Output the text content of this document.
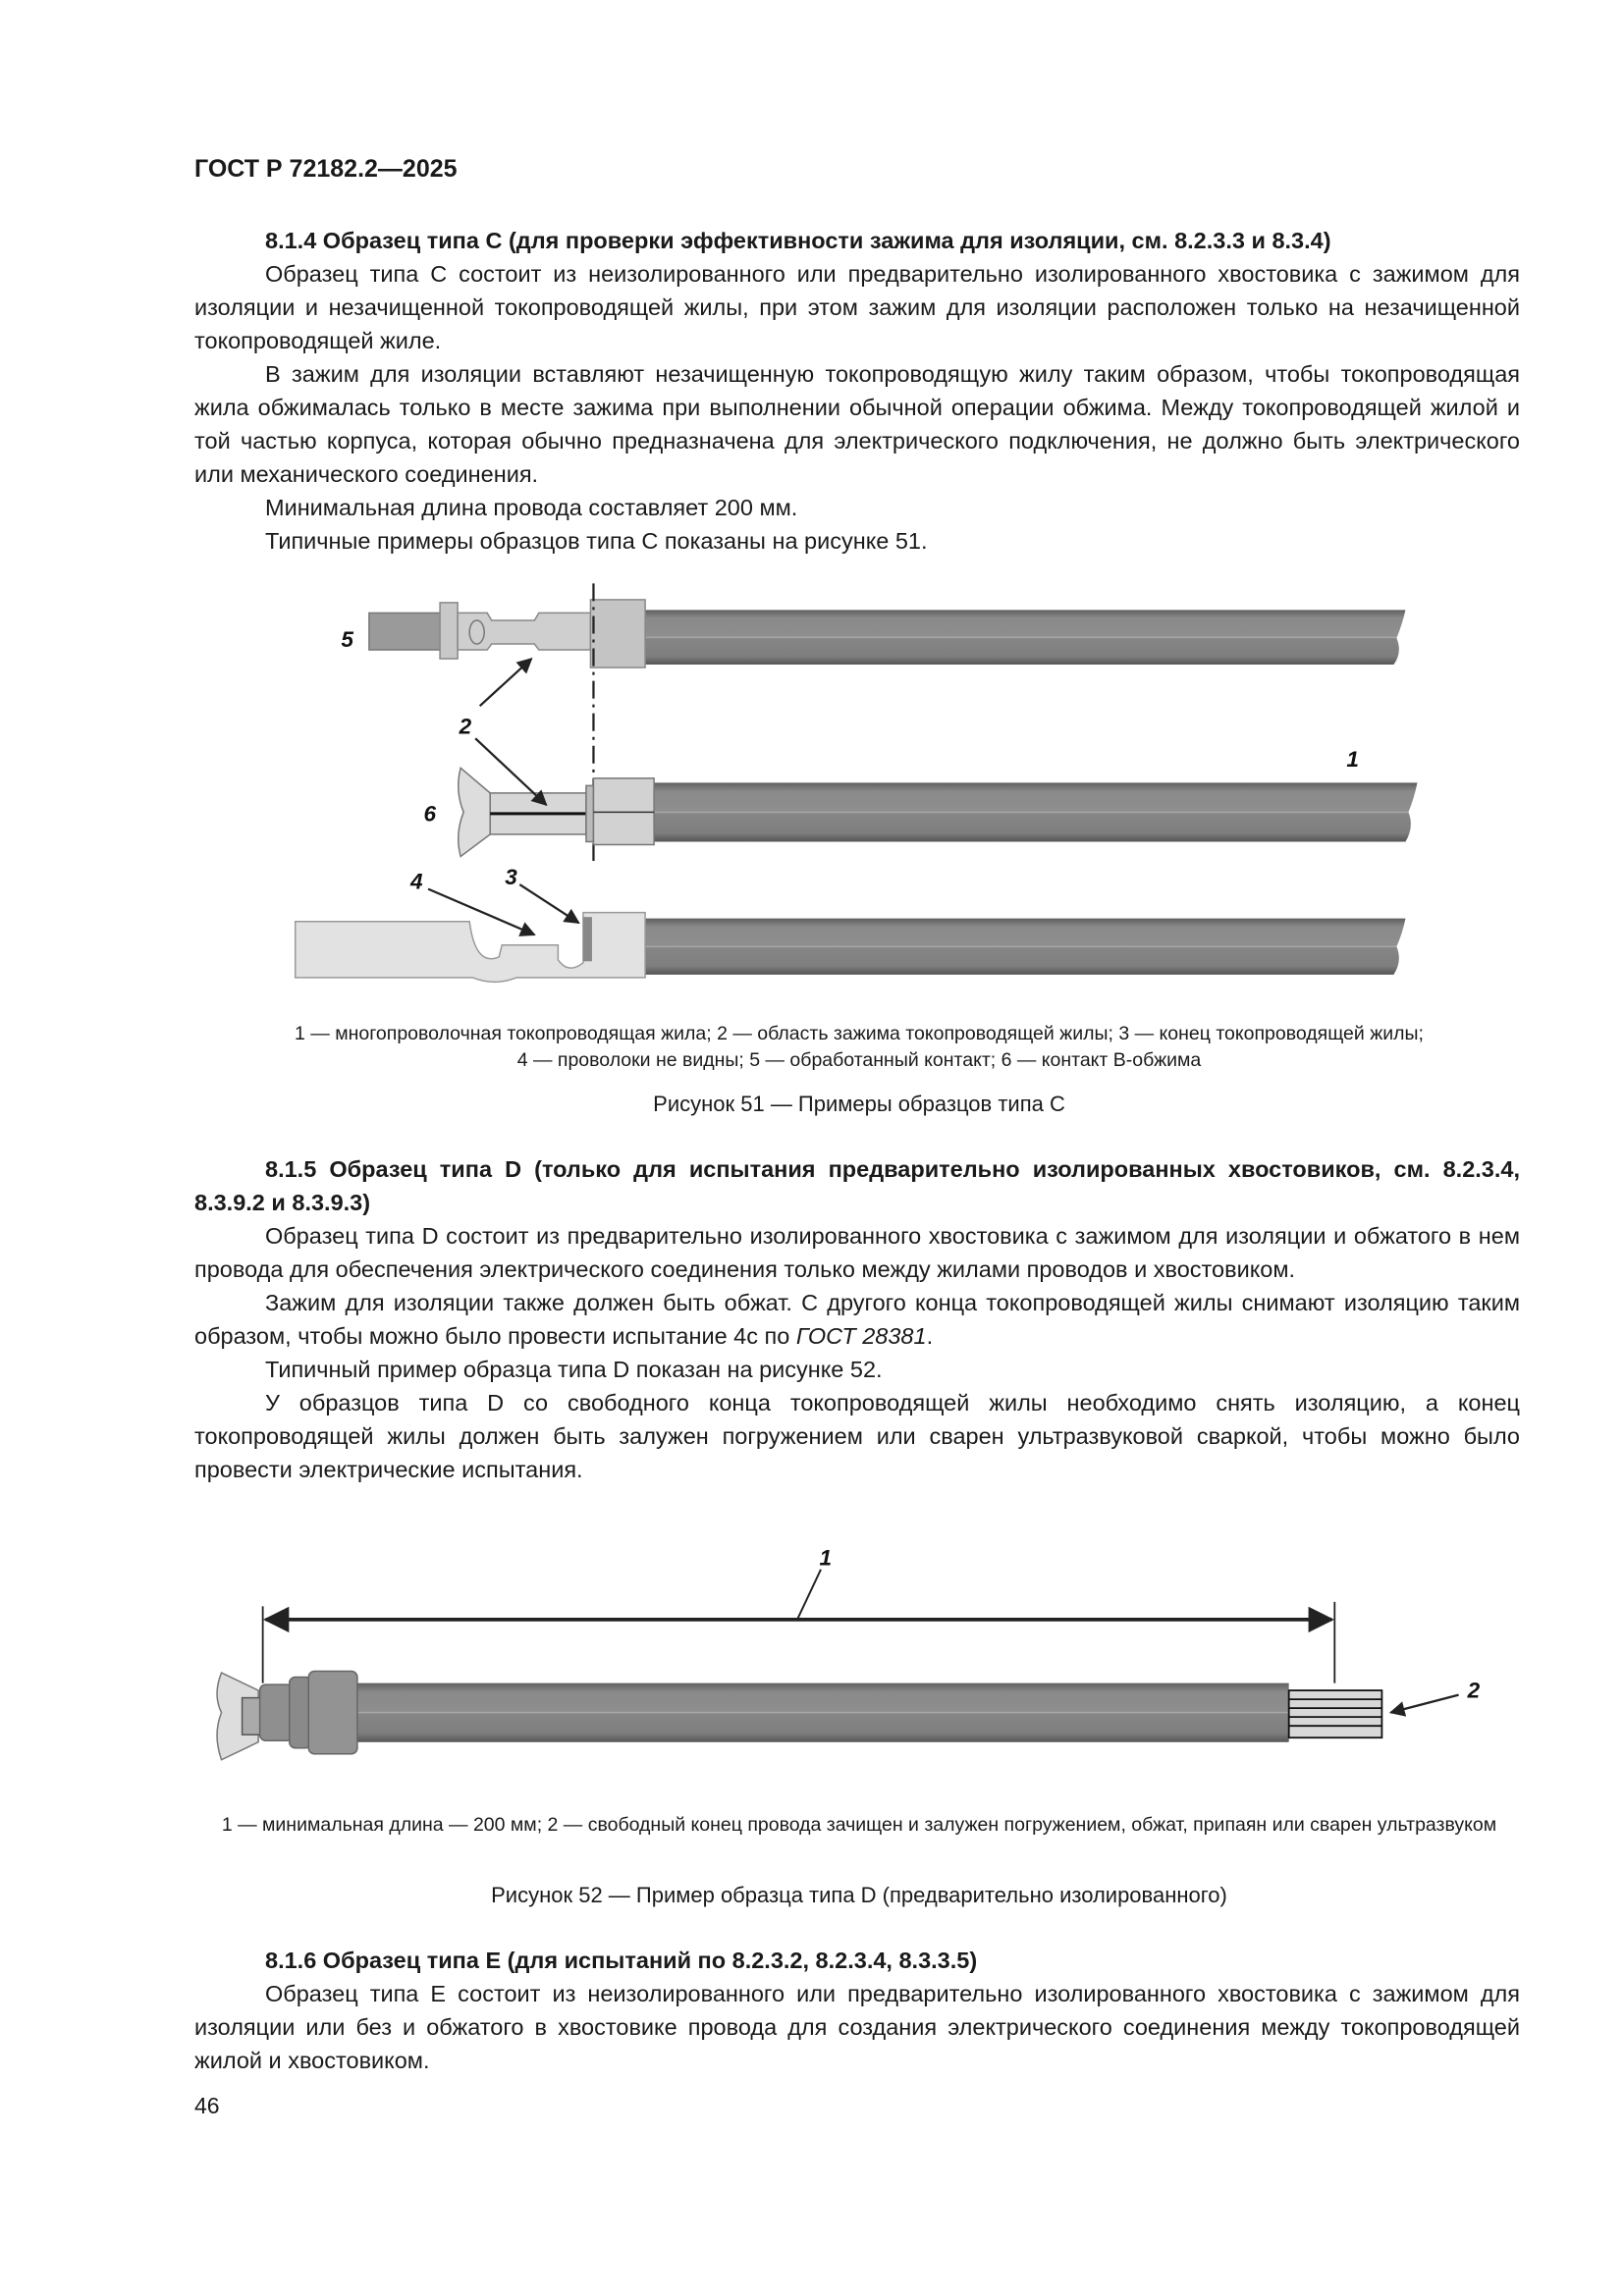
ГОСТ Р 72182.2—2025

8.1.4 Образец типа С (для проверки эффективности зажима для изоляции, см. 8.2.3.3 и 8.3.4)

Образец типа С состоит из неизолированного или предварительно изолированного хвостовика с зажимом для изоляции и незачищенной токопроводящей жилы, при этом зажим для изоляции расположен только на незачищенной токопроводящей жиле.

В зажим для изоляции вставляют незачищенную токопроводящую жилу таким образом, чтобы токопроводящая жила обжималась только в месте зажима при выполнении обычной операции обжима. Между токопроводящей жилой и той частью корпуса, которая обычно предназначена для электрического подключения, не должно быть электрического или механического соединения.

Минимальная длина провода составляет 200 мм.

Типичные примеры образцов типа С показаны на рисунке 51.

1
2
3
4
5
6
1
2
1 — многопроволочная токопроводящая жила; 2 — область зажима токопроводящей жилы; 3 — конец токопроводящей жилы;
4 — проволоки не видны; 5 — обработанный контакт; 6 — контакт В-обжима
Рисунок 51 — Примеры образцов типа С

8.1.5 Образец типа D (только для испытания предварительно изолированных хвостовиков, см. 8.2.3.4, 8.3.9.2 и 8.3.9.3)

Образец типа D состоит из предварительно изолированного хвостовика с зажимом для изоляции и обжатого в нем провода для обеспечения электрического соединения только между жилами проводов и хвостовиком.

Зажим для изоляции также должен быть обжат. С другого конца токопроводящей жилы снимают изоляцию таким образом, чтобы можно было провести испытание 4с по ГОСТ 28381.

Типичный пример образца типа D показан на рисунке 52.

У образцов типа D со свободного конца токопроводящей жилы необходимо снять изоляцию, а конец токопроводящей жилы должен быть залужен погружением или сварен ультразвуковой сваркой, чтобы можно было провести электрические испытания.

1 — минимальная длина — 200 мм; 2 — свободный конец провода зачищен и залужен погружением, обжат, припаян или сварен ультразвуком
Рисунок 52 — Пример образца типа D (предварительно изолированного)

8.1.6 Образец типа Е (для испытаний по 8.2.3.2, 8.2.3.4, 8.3.3.5)

Образец типа Е состоит из неизолированного или предварительно изолированного хвостовика с зажимом для изоляции или без и обжатого в хвостовике провода для создания электрического соединения между токопроводящей жилой и хвостовиком.

46
